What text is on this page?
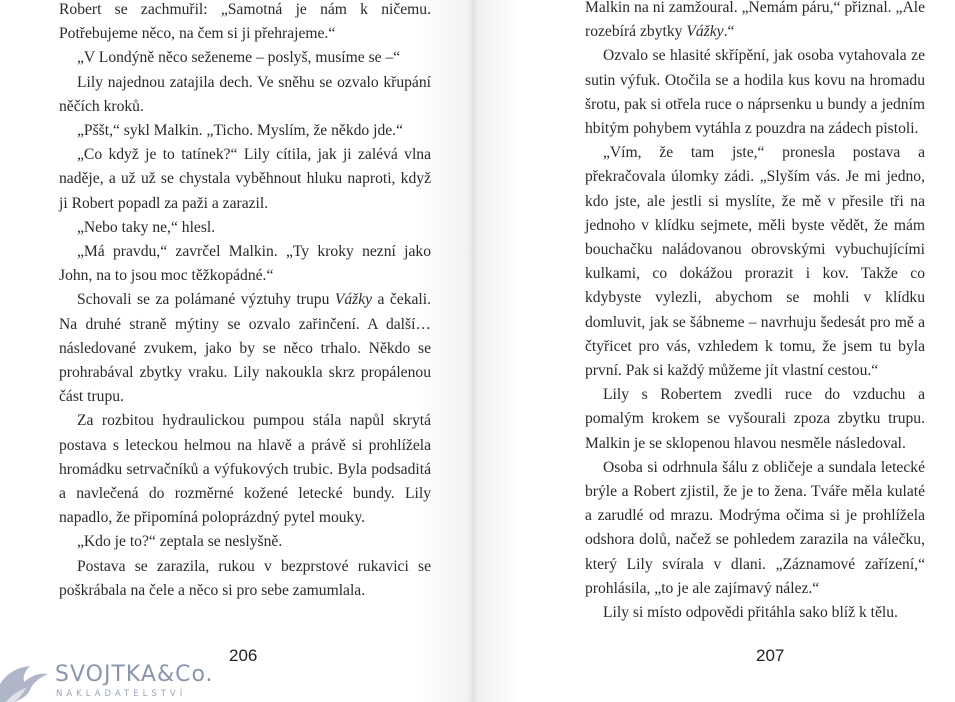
Robert se zachmuřil: „Samotná je nám k ničemu. Potřebujeme něco, na čem si ji přehrajeme.“

„V Londýně něco seženeme – poslyš, musíme se –“

Lily najednou zatajila dech. Ve sněhu se ozvalo křupání něčích kroků.

„Pššt,“ sykl Malkin. „Ticho. Myslím, že někdo jde.“

„Co když je to tatínek?“ Lily cítila, jak ji zalévá vlna naděje, a už už se chystala vyběhnout hluku naproti, když ji Robert popadl za paži a zarazil.

„Nebo taky ne,“ hlesl.

„Má pravdu,“ zavrčel Malkin. „Ty kroky nezní jako John, na to jsou moc těžkopádné.“

Schovali se za polámané výztuhy trupu Vážky a čekali. Na druhé straně mýtiny se ozvalo zařinčení. A další… následované zvukem, jako by se něco trhalo. Někdo se prohrabával zbytky vraku. Lily nakoukla skrz propálenou část trupu.

Za rozbitou hydraulickou pumpou stála napůl skrytá postava s leteckou helmou na hlavě a právě si prohlížela hromádku setrvačníků a výfukových trubic. Byla podsaditá a navlečená do rozměrné kožené letecké bundy. Lily napadlo, že připomíná poloprázdný pytel mouky.

„Kdo je to?“ zeptala se neslyšně.

Postava se zarazila, rukou v bezprstové rukavici se poškrábala na čele a něco si pro sebe zamumlala.

206
SVOJTKA&Co.
NAKLADATELSTVÍ

Malkin na ni zamžoural. „Nemám páru,“ přiznal. „Ale rozebírá zbytky Vážky.“

Ozvalo se hlasité skřípění, jak osoba vytahovala ze sutin výfuk. Otočila se a hodila kus kovu na hromadu šrotu, pak si otřela ruce o náprsenku u bundy a jedním hbitým pohybem vytáhla z pouzdra na zádech pistoli.

„Vím, že tam jste,“ pronesla postava a překračovala úlomky zádi. „Slyším vás. Je mi jedno, kdo jste, ale jestli si myslíte, že mě v přesile tři na jednoho v klídku sejmete, měli byste vědět, že mám bouchačku naládovanou obrovskými vybuchujícími kulkami, co dokážou prorazit i kov. Takže co kdybyste vylezli, abychom se mohli v klídku domluvit, jak se šábneme – navrhuju šedesát pro mě a čtyřicet pro vás, vzhledem k tomu, že jsem tu byla první. Pak si každý můžeme jít vlastní cestou.“

Lily s Robertem zvedli ruce do vzduchu a pomalým krokem se vyšourali zpoza zbytku trupu. Malkin je se sklopenou hlavou nesměle následoval.

Osoba si odrhnula šálu z obličeje a sundala letecké brýle a Robert zjistil, že je to žena. Tváře měla kulaté a zarudlé od mrazu. Modrýma očima si je prohlížela odshora dolů, načež se pohledem zarazila na válečku, který Lily svírala v dlani. „Záznamové zařízení,“ prohlásila, „to je ale zajímavý nález.“

Lily si místo odpovědi přitáhla sako blíž k tělu.

207
